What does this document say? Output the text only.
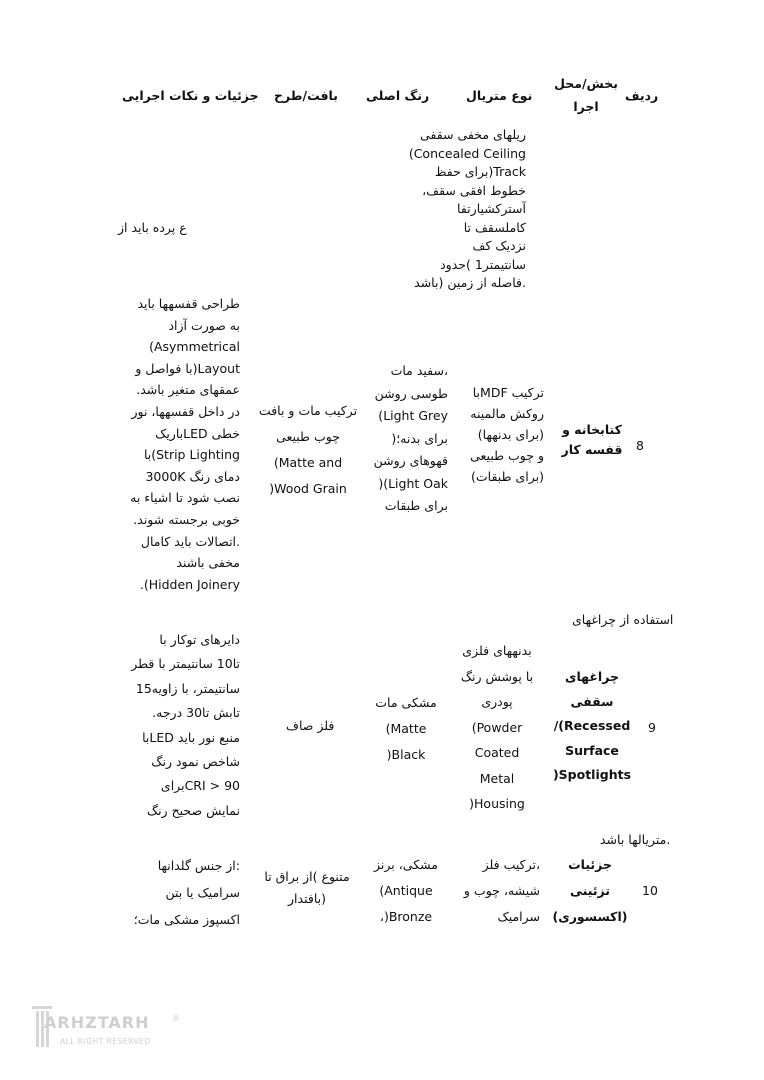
ردیف
بخش/محل
اجرا
نوع متریال
رنگ اصلی
بافت/طرح
جزئیات و نکات اجرایی
ریلهای مخفی سقفی
Concealed Ceiling)
Track(برای حفظ
خطوط افقی سقف،
آسترکشیارتفا
کاملسقف تا
نزدیک کف
سانتیمتر1 )حدود
.فاصله از زمین (باشد
ع پرده باید از
8
کتابخانه و
قفسه کار
ترکیب MDFبا
روکش مالمینه
(برای بدنهها)
و چوب طبیعی
(برای طبقات)
،سفید مات
طوسی روشن
Light Grey)
برای بدنه؛(
قهوهای روشن
Light Oak)(
برای طبقات
ترکیب مات و بافت
چوب طبیعی
Matte and)
Wood Grain(
طراحی قفسهها باید
به صورت آزاد
Asymmetrical)
Layout(با فواصل و
عمقهای متغیر باشد.
در داخل قفسهها، نور
خطی LEDباریک
Strip Lighting)با
دمای رنگ 3000K
نصب شود تا اشیاء به
خوبی برجسته شوند.
.اتصالات باید کامال
مخفی باشند
Hidden Joinery).
استفاده از چراغهای
9
چراغهای
سقفی
Recessed)/
Surface
Spotlights(
بدنههای فلزی
با پوشش رنگ
پودری
Powder)
Coated
Metal
Housing(
مشکی مات
Matte)
Black(
فلز صاف
دایرهای توکار با
تا10 سانتیمتر با قطر
سانتیمتر، با زاویه15
تابش تا30 درجه.
منبع نور باید LEDبا
شاخص نمود رنگ
CRI > 90برای
نمایش صحیح رنگ
.متریالها باشد
10
جزئیات
تزئینی
(اکسسوری)
،ترکیب فلز
شیشه، چوب و
سرامیک
مشکی، برنز
Antique)
Bronze(،
متنوع )از براق تا
(بافتدار
:از جنس گلدانها
سرامیک یا بتن
اکسپوز مشکی مات؛
ARHZTARH	®
ALL RIGHT RESERVED
